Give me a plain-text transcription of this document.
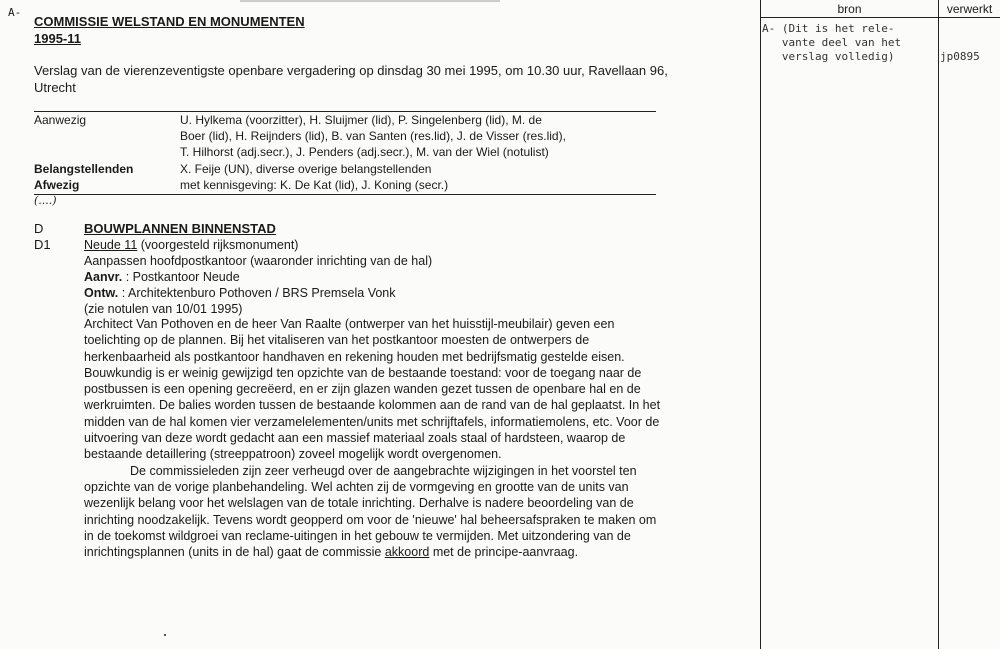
A-
COMMISSIE WELSTAND EN MONUMENTEN
1995-11
Verslag van de vierenzeventigste openbare vergadering op dinsdag 30 mei 1995, om 10.30 uur, Ravellaan 96, Utrecht
Aanwezig	U. Hylkema (voorzitter), H. Sluijmer (lid), P. Singelenberg (lid), M. de
Boer (lid), H. Reijnders (lid), B. van Santen (res.lid), J. de Visser (res.lid),
T. Hilhorst (adj.secr.), J. Penders (adj.secr.), M. van der Wiel (notulist)
Belangstellenden	X. Feije (UN), diverse overige belangstellenden
Afwezig	met kennisgeving: K. De Kat (lid), J. Koning (secr.)
(....)
D	BOUWPLANNEN BINNENSTAD
D1	Neude 11 (voorgesteld rijksmonument)
Aanpassen hoofdpostkantoor (waaronder inrichting van de hal)
Aanvr. : Postkantoor Neude
Ontw. : Architektenburo Pothoven / BRS Premsela Vonk
(zie notulen van 10/01 1995)

Architect Van Pothoven en de heer Van Raalte (ontwerper van het huisstijl-meubilair) geven een toelichting op de plannen. Bij het vitaliseren van het postkantoor moesten de ontwerpers de herkenbaarheid als postkantoor handhaven en rekening houden met bedrijfsmatig gestelde eisen. Bouwkundig is er weinig gewijzigd ten opzichte van de bestaande toestand: voor de toegang naar de postbussen is een opening gecreëerd, en er zijn glazen wanden gezet tussen de openbare hal en de werkruimten. De balies worden tussen de bestaande kolommen aan de rand van de hal geplaatst. In het midden van de hal komen vier verzamelelementen/units met schrijftafels, informatiemolens, etc. Voor de uitvoering van deze wordt gedacht aan een massief materiaal zoals staal of hardsteen, waarop de bestaande detaillering (streeppatroon) zoveel mogelijk wordt overgenomen.

De commissieleden zijn zeer verheugd over de aangebrachte wijzigingen in het voorstel ten opzichte van de vorige planbehandeling. Wel achten zij de vormgeving en grootte van de units van wezenlijk belang voor het welslagen van de totale inrichting. Derhalve is nadere beoordeling van de inrichting noodzakelijk. Tevens wordt geopperd om voor de 'nieuwe' hal beheersafspraken te maken om in de toekomst wildgroei van reclame-uitingen in het gebouw te vermijden. Met uitzondering van de inrichtingsplannen (units in de hal) gaat de commissie akkoord met de principe-aanvraag.

bron	verwerkt
A- (Dit is het rele-
vante deel van het
verslag volledig)	jp0895
